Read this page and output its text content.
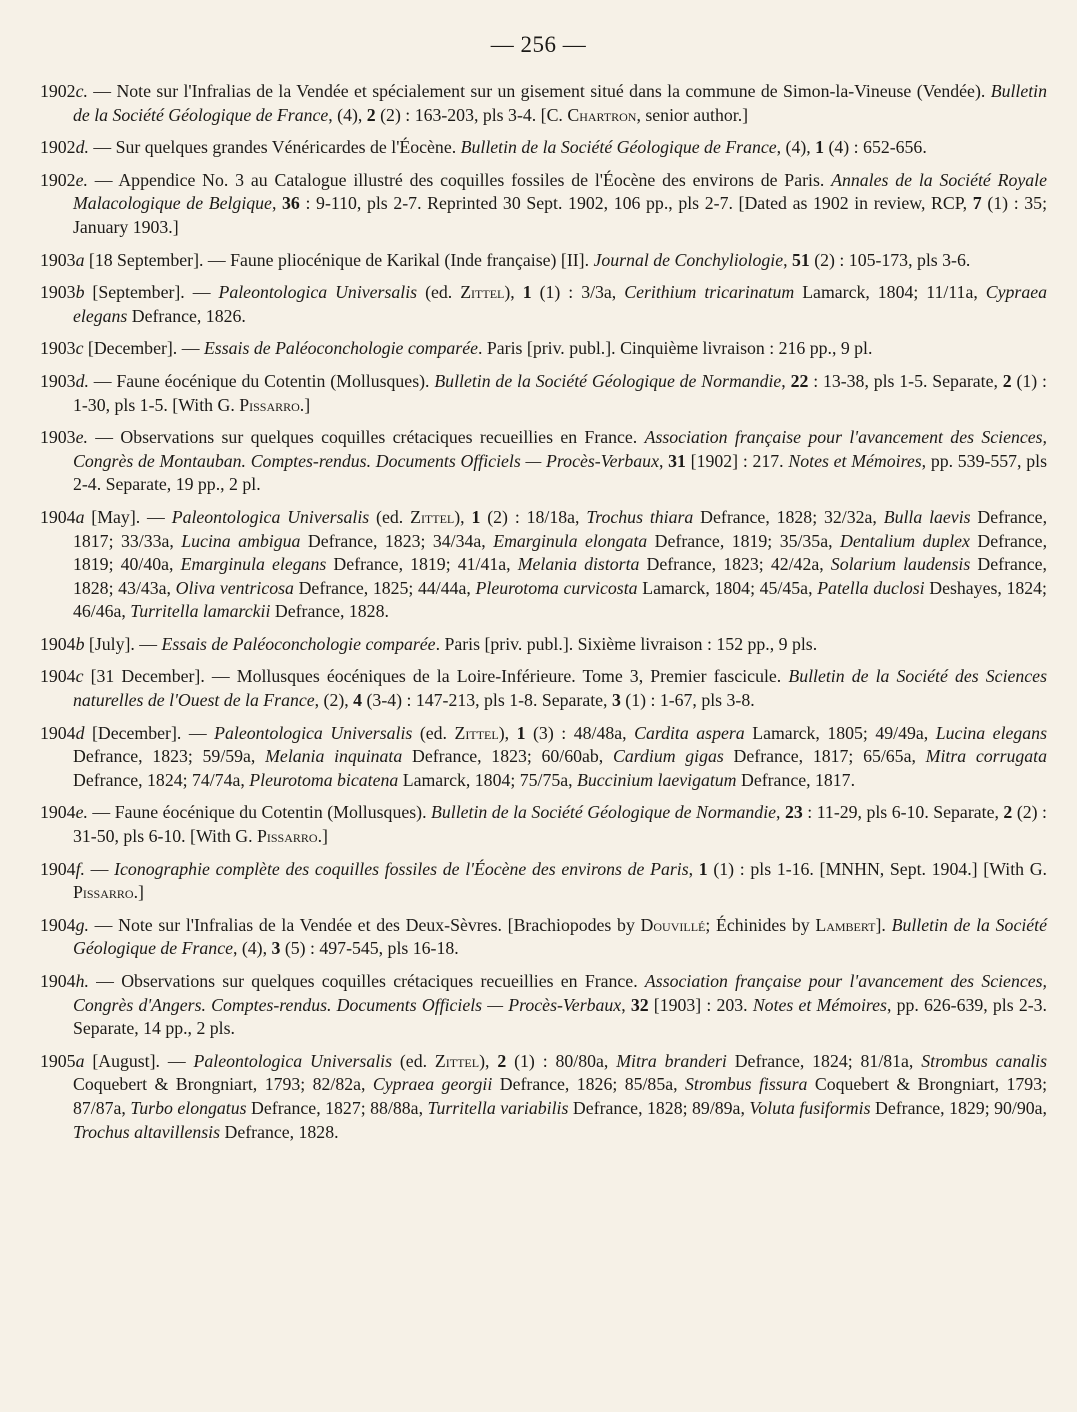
— 256 —

1902c. — Note sur l'Infralias de la Vendée et spécialement sur un gisement situé dans la commune de Simon-la-Vineuse (Vendée). Bulletin de la Société Géologique de France, (4), 2 (2) : 163-203, pls 3-4. [C. Chartron, senior author.]

1902d. — Sur quelques grandes Vénéricardes de l'Éocène. Bulletin de la Société Géologique de France, (4), 1 (4) : 652-656.

1902e. — Appendice No. 3 au Catalogue illustré des coquilles fossiles de l'Éocène des environs de Paris. Annales de la Société Royale Malacologique de Belgique, 36 : 9-110, pls 2-7. Reprinted 30 Sept. 1902, 106 pp., pls 2-7. [Dated as 1902 in review, RCP, 7 (1) : 35; January 1903.]

1903a [18 September]. — Faune pliocénique de Karikal (Inde française) [II]. Journal de Conchyliologie, 51 (2) : 105-173, pls 3-6.

1903b [September]. — Paleontologica Universalis (ed. Zittel), 1 (1) : 3/3a, Cerithium tricarinatum Lamarck, 1804; 11/11a, Cypraea elegans Defrance, 1826.

1903c [December]. — Essais de Paléoconchologie comparée. Paris [priv. publ.]. Cinquième livraison : 216 pp., 9 pl.

1903d. — Faune éocénique du Cotentin (Mollusques). Bulletin de la Société Géologique de Normandie, 22 : 13-38, pls 1-5. Separate, 2 (1) : 1-30, pls 1-5. [With G. Pissarro.]

1903e. — Observations sur quelques coquilles crétaciques recueillies en France. Association française pour l'avancement des Sciences, Congrès de Montauban. Comptes-rendus. Documents Officiels — Procès-Verbaux, 31 [1902] : 217. Notes et Mémoires, pp. 539-557, pls 2-4. Separate, 19 pp., 2 pl.

1904a [May]. — Paleontologica Universalis (ed. Zittel), 1 (2) : 18/18a, Trochus thiara Defrance, 1828; 32/32a, Bulla laevis Defrance, 1817; 33/33a, Lucina ambigua Defrance, 1823; 34/34a, Emarginula elongata Defrance, 1819; 35/35a, Dentalium duplex Defrance, 1819; 40/40a, Emarginula elegans Defrance, 1819; 41/41a, Melania distorta Defrance, 1823; 42/42a, Solarium laudensis Defrance, 1828; 43/43a, Oliva ventricosa Defrance, 1825; 44/44a, Pleurotoma curvicosta Lamarck, 1804; 45/45a, Patella duclosi Deshayes, 1824; 46/46a, Turritella lamarckii Defrance, 1828.

1904b [July]. — Essais de Paléoconchologie comparée. Paris [priv. publ.]. Sixième livraison : 152 pp., 9 pls.

1904c [31 December]. — Mollusques éocéniques de la Loire-Inférieure. Tome 3, Premier fascicule. Bulletin de la Société des Sciences naturelles de l'Ouest de la France, (2), 4 (3-4) : 147-213, pls 1-8. Separate, 3 (1) : 1-67, pls 3-8.

1904d [December]. — Paleontologica Universalis (ed. Zittel), 1 (3) : 48/48a, Cardita aspera Lamarck, 1805; 49/49a, Lucina elegans Defrance, 1823; 59/59a, Melania inquinata Defrance, 1823; 60/60ab, Cardium gigas Defrance, 1817; 65/65a, Mitra corrugata Defrance, 1824; 74/74a, Pleurotoma bicatena Lamarck, 1804; 75/75a, Buccinium laevigatum Defrance, 1817.

1904e. — Faune éocénique du Cotentin (Mollusques). Bulletin de la Société Géologique de Normandie, 23 : 11-29, pls 6-10. Separate, 2 (2) : 31-50, pls 6-10. [With G. Pissarro.]

1904f. — Iconographie complète des coquilles fossiles de l'Éocène des environs de Paris, 1 (1) : pls 1-16. [MNHN, Sept. 1904.] [With G. Pissarro.]

1904g. — Note sur l'Infralias de la Vendée et des Deux-Sèvres. [Brachiopodes by Douvillé; Échinides by Lambert]. Bulletin de la Société Géologique de France, (4), 3 (5) : 497-545, pls 16-18.

1904h. — Observations sur quelques coquilles crétaciques recueillies en France. Association française pour l'avancement des Sciences, Congrès d'Angers. Comptes-rendus. Documents Officiels — Procès-Verbaux, 32 [1903] : 203. Notes et Mémoires, pp. 626-639, pls 2-3. Separate, 14 pp., 2 pls.

1905a [August]. — Paleontologica Universalis (ed. Zittel), 2 (1) : 80/80a, Mitra branderi Defrance, 1824; 81/81a, Strombus canalis Coquebert & Brongniart, 1793; 82/82a, Cypraea georgii Defrance, 1826; 85/85a, Strombus fissura Coquebert & Brongniart, 1793; 87/87a, Turbo elongatus Defrance, 1827; 88/88a, Turritella variabilis Defrance, 1828; 89/89a, Voluta fusiformis Defrance, 1829; 90/90a, Trochus altavillensis Defrance, 1828.
